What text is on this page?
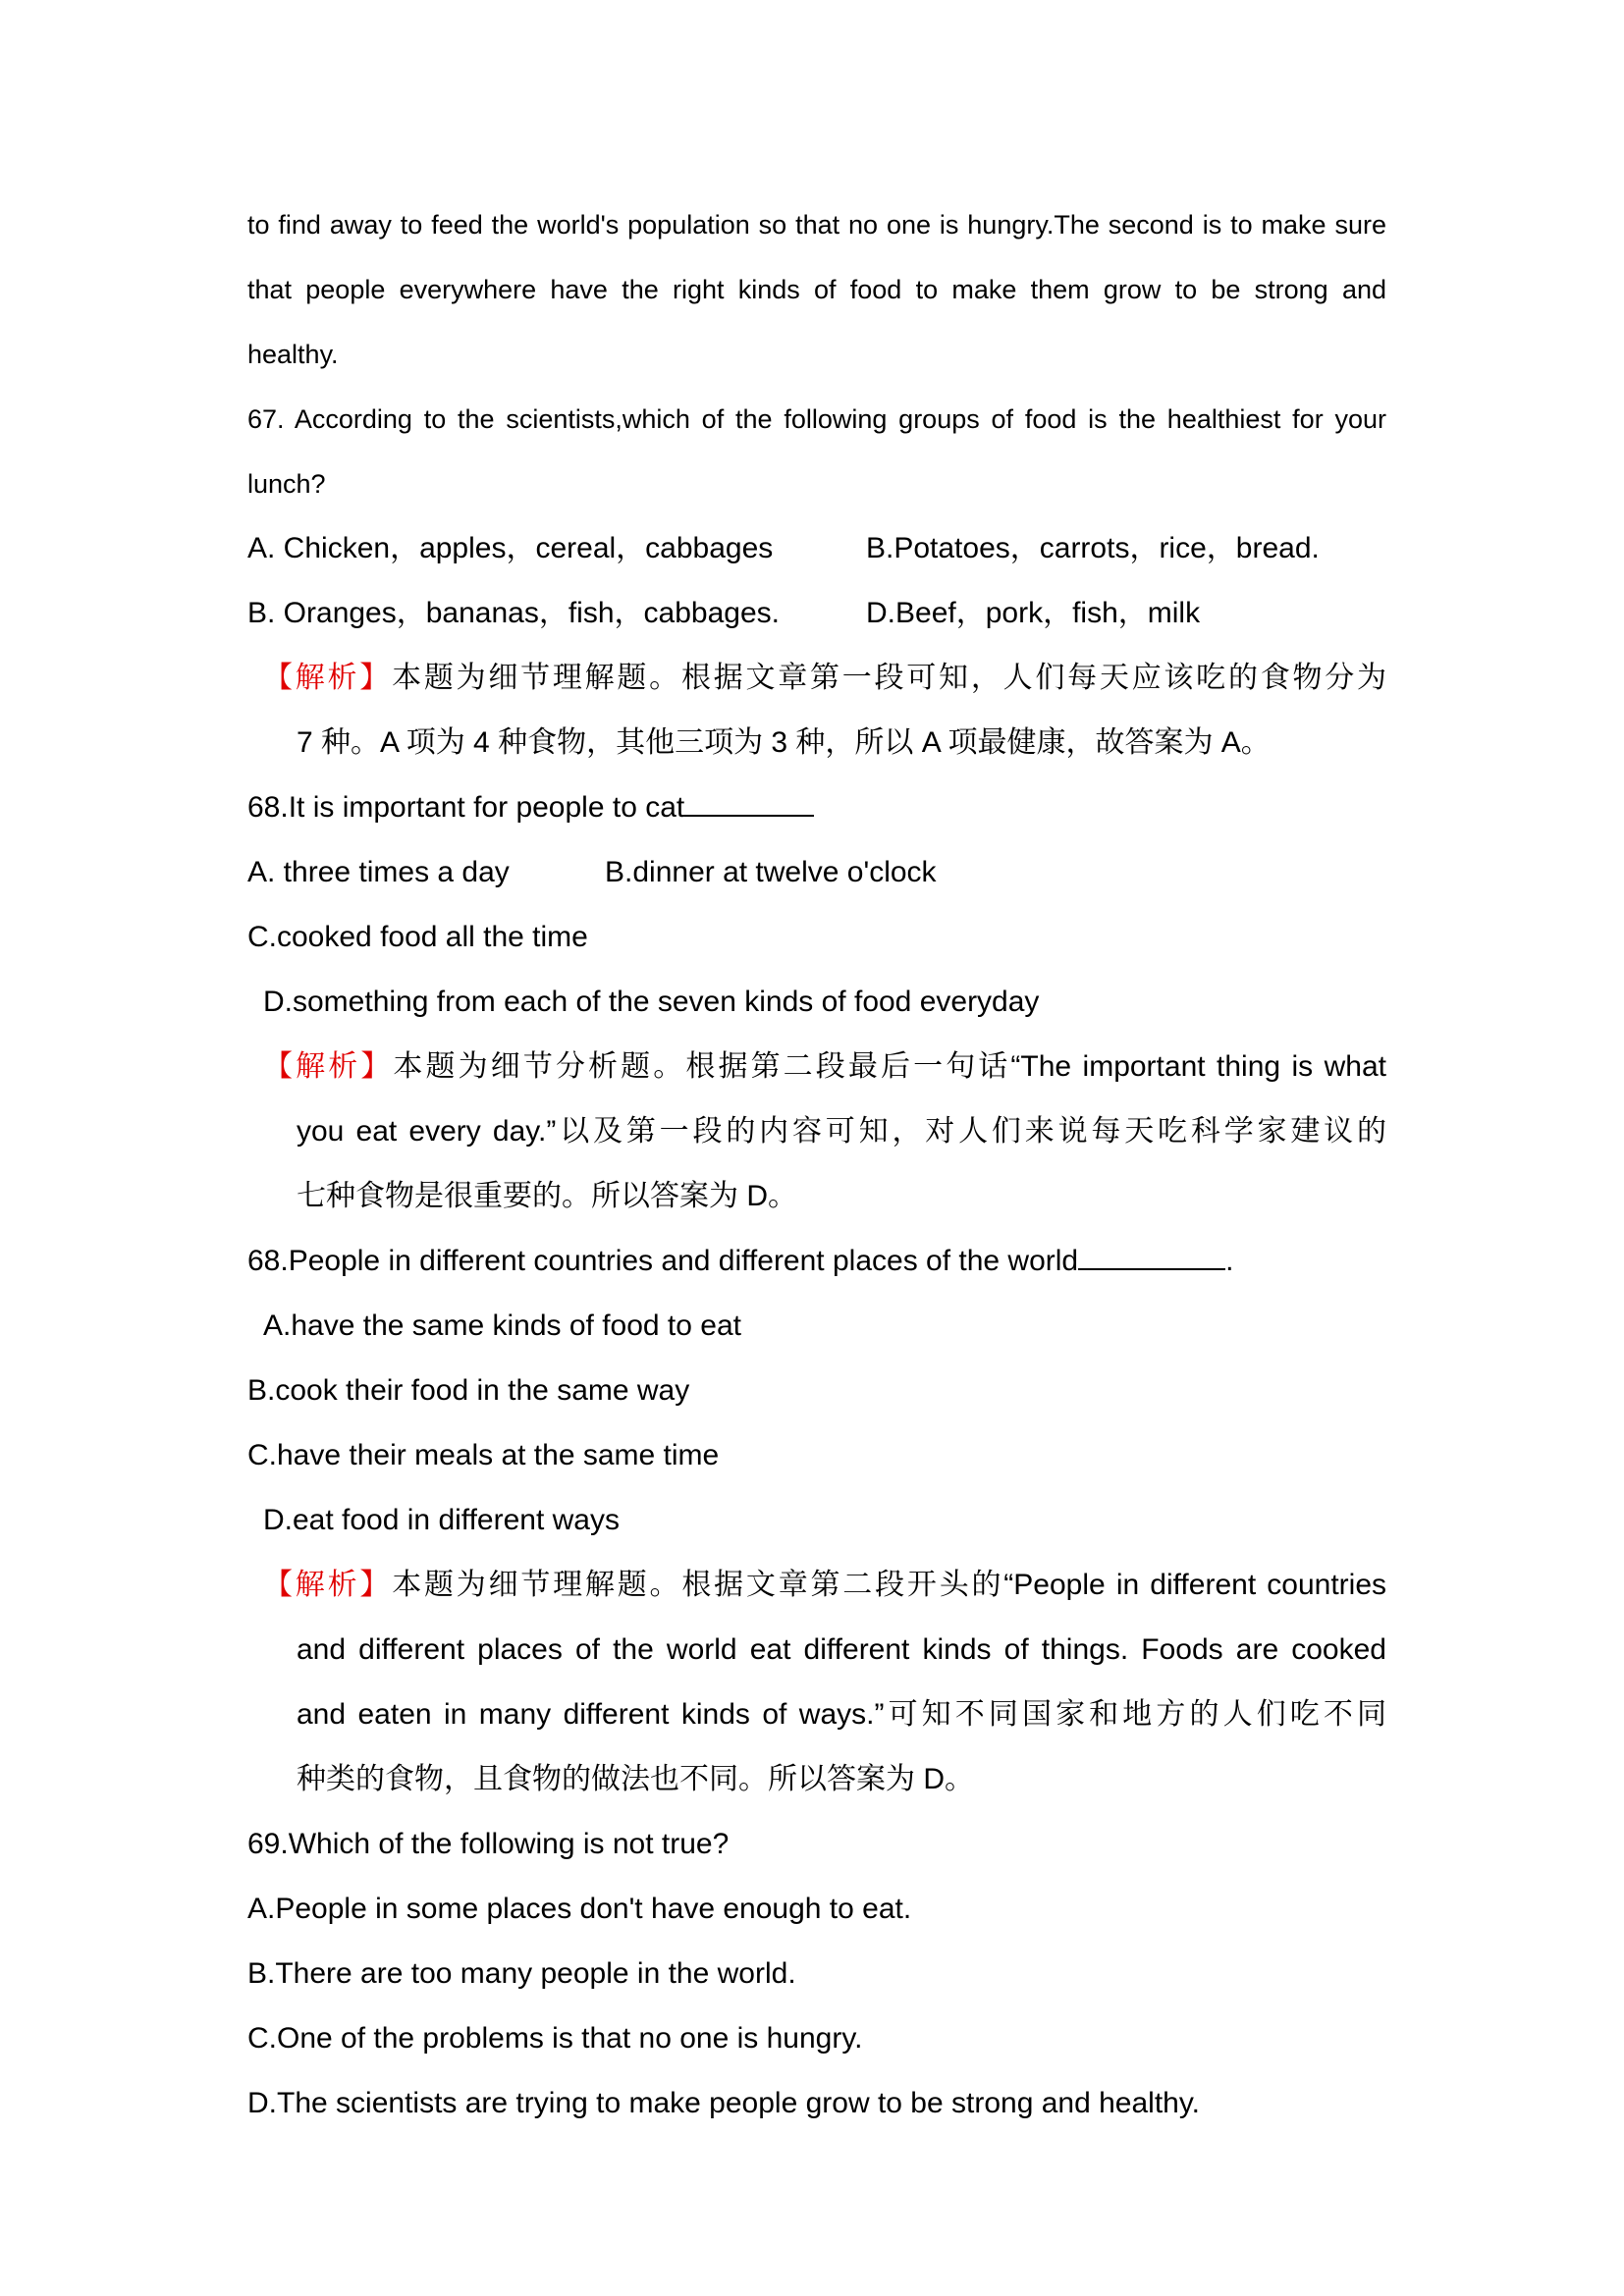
to find away to feed the world's population so that no one is hungry.The second is to make sure
that people everywhere have the right kinds of food to make them grow to be strong and
healthy.
67. According to the scientists,which of the following groups of food is the healthiest for your
lunch?
A. Chicken，apples，cereal，cabbages	B.Potatoes，carrots，rice，bread.
B. Oranges，bananas，fish，cabbages.	D.Beef，pork，fish，milk
【解析】本题为细节理解题。根据文章第一段可知，人们每天应该吃的食物分为
7 种。A 项为 4 种食物，其他三项为 3 种，所以 A 项最健康，故答案为 A。
68.It is important for people to cat
A. three times a day	B.dinner at twelve o'clock
C.cooked food all the time
D.something from each of the seven kinds of food everyday
【解析】本题为细节分析题。根据第二段最后一句话“The important thing is what
you eat every day.”以及第一段的内容可知，对人们来说每天吃科学家建议的
七种食物是很重要的。所以答案为 D。
68.People in different countries and different places of the world	.
A.have the same kinds of food to eat
B.cook their food in the same way
C.have their meals at the same time
D.eat food in different ways
【解析】本题为细节理解题。根据文章第二段开头的“People in different countries
and different places of the world eat different kinds of things. Foods are cooked
and eaten in many different kinds of ways.”可知不同国家和地方的人们吃不同
种类的食物，且食物的做法也不同。所以答案为 D。
69.Which of the following is not true?
A.People in some places don't have enough to eat.
B.There are too many people in the world.
C.One of the problems is that no one is hungry.
D.The scientists are trying to make people grow to be strong and healthy.
